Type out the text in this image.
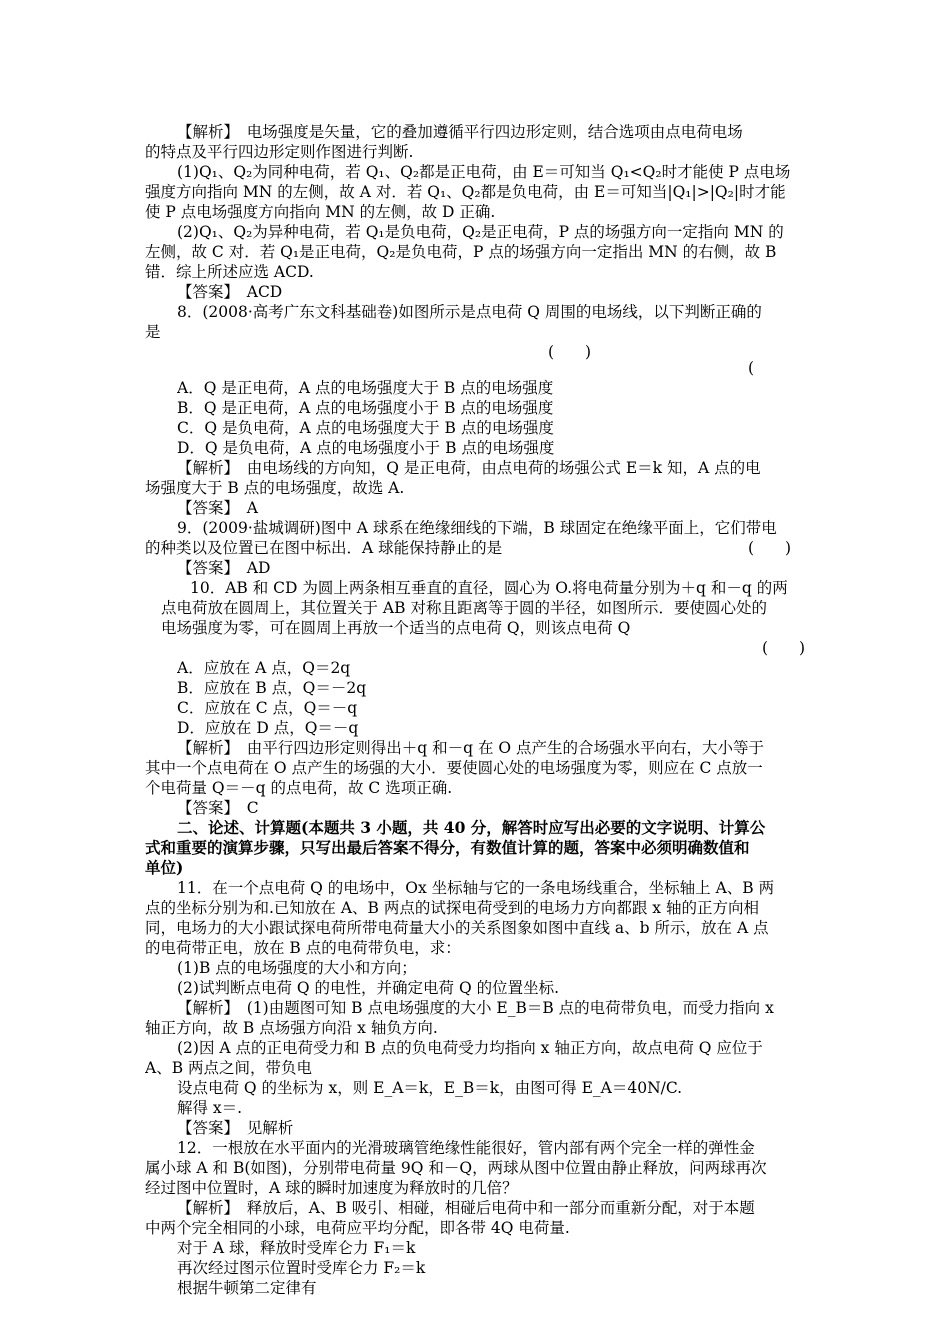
【解析】　电场强度是矢量，它的叠加遵循平行四边形定则，结合选项由点电荷电场
的特点及平行四边形定则作图进行判断.
(1)Q₁、Q₂为同种电荷，若 Q₁、Q₂都是正电荷，由 E＝可知当 Q₁<Q₂时才能使 P 点电场
强度方向指向 MN 的左侧，故 A 对．若 Q₁、Q₂都是负电荷，由 E＝可知当|Q₁|>|Q₂|时才能
使 P 点电场强度方向指向 MN 的左侧，故 D 正确.
(2)Q₁、Q₂为异种电荷，若 Q₁是负电荷，Q₂是正电荷，P 点的场强方向一定指向 MN 的
左侧，故 C 对．若 Q₁是正电荷，Q₂是负电荷，P 点的场强方向一定指出 MN 的右侧，故 B
错．综上所述应选 ACD.
【答案】　ACD
8．(2008·高考广东文科基础卷)如图所示是点电荷 Q 周围的电场线，以下判断正确的
是
(　　)
(
A．Q 是正电荷，A 点的电场强度大于 B 点的电场强度
B．Q 是正电荷，A 点的电场强度小于 B 点的电场强度
C．Q 是负电荷，A 点的电场强度大于 B 点的电场强度
D．Q 是负电荷，A 点的电场强度小于 B 点的电场强度
【解析】　由电场线的方向知，Q 是正电荷，由点电荷的场强公式 E＝k 知，A 点的电
场强度大于 B 点的电场强度，故选 A.
【答案】　A
9．(2009·盐城调研)图中 A 球系在绝缘细线的下端，B 球固定在绝缘平面上，它们带电
的种类以及位置已在图中标出．A 球能保持静止的是	(　　)
【答案】　AD
10．AB 和 CD 为圆上两条相互垂直的直径，圆心为 O.将电荷量分别为＋q 和－q 的两
点电荷放在圆周上，其位置关于 AB 对称且距离等于圆的半径，如图所示．要使圆心处的
电场强度为零，可在圆周上再放一个适当的点电荷 Q，则该点电荷 Q
(　　)
A．应放在 A 点，Q＝2q
B．应放在 B 点，Q＝－2q
C．应放在 C 点，Q＝－q
D．应放在 D 点，Q＝－q
【解析】　由平行四边形定则得出＋q 和－q 在 O 点产生的合场强水平向右，大小等于
其中一个点电荷在 O 点产生的场强的大小．要使圆心处的电场强度为零，则应在 C 点放一
个电荷量 Q＝－q 的点电荷，故 C 选项正确.
【答案】　C
二、论述、计算题(本题共 3 小题，共 40 分，解答时应写出必要的文字说明、计算公
式和重要的演算步骤，只写出最后答案不得分，有数值计算的题，答案中必须明确数值和
单位)
11．在一个点电荷 Q 的电场中，Ox 坐标轴与它的一条电场线重合，坐标轴上 A、B 两
点的坐标分别为和.已知放在 A、B 两点的试探电荷受到的电场力方向都跟 x 轴的正方向相
同，电场力的大小跟试探电荷所带电荷量大小的关系图象如图中直线 a、b 所示，放在 A 点
的电荷带正电，放在 B 点的电荷带负电，求：
(1)B 点的电场强度的大小和方向；
(2)试判断点电荷 Q 的电性，并确定电荷 Q 的位置坐标.
【解析】　(1)由题图可知 B 点电场强度的大小 E_B＝B 点的电荷带负电，而受力指向 x
轴正方向，故 B 点场强方向沿 x 轴负方向.
(2)因 A 点的正电荷受力和 B 点的负电荷受力均指向 x 轴正方向，故点电荷 Q 应位于
A、B 两点之间，带负电
设点电荷 Q 的坐标为 x，则 E_A＝k，E_B＝k，由图可得 E_A＝40N/C.
解得 x＝.
【答案】　见解析
12．一根放在水平面内的光滑玻璃管绝缘性能很好，管内部有两个完全一样的弹性金
属小球 A 和 B(如图)，分别带电荷量 9Q 和－Q，两球从图中位置由静止释放，问两球再次
经过图中位置时，A 球的瞬时加速度为释放时的几倍？
【解析】　释放后，A、B 吸引、相碰，相碰后电荷中和一部分而重新分配，对于本题
中两个完全相同的小球，电荷应平均分配，即各带 4Q 电荷量.
对于 A 球，释放时受库仑力 F₁＝k
再次经过图示位置时受库仑力 F₂＝k
根据牛顿第二定律有
